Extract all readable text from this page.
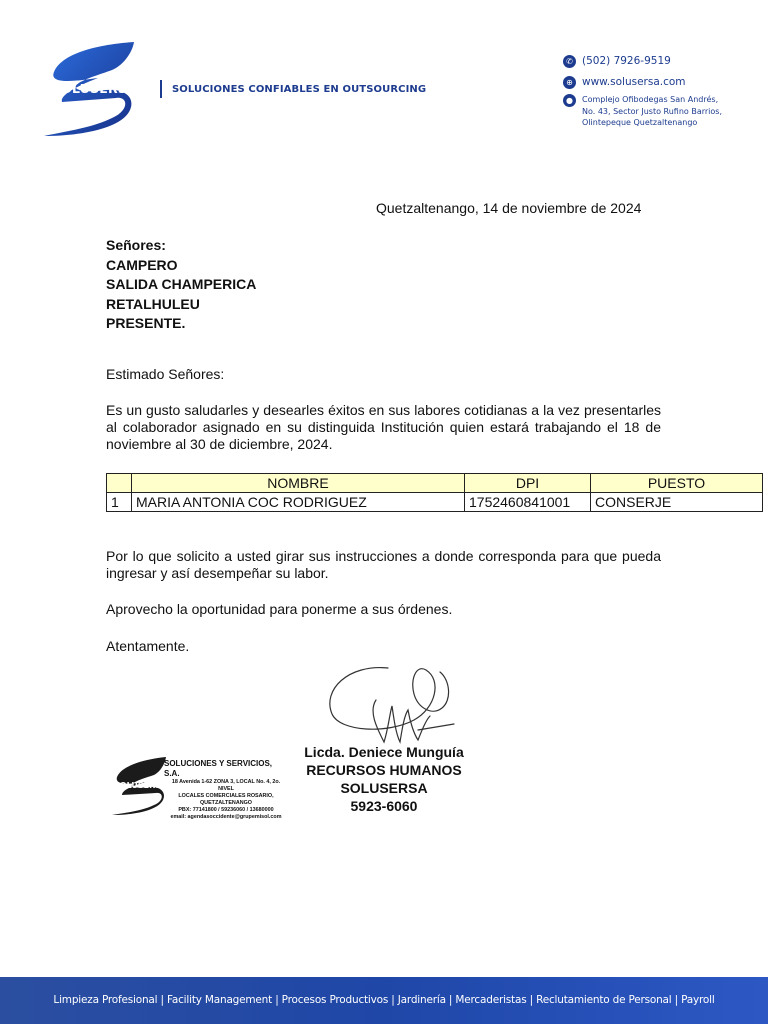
SOLUSERSA	SOLUCIONES CONFIABLES EN OUTSOURCING
✆ (502) 7926-9519
⊕ www.solusersa.com
●	Complejo Ofibodegas San Andrés,
No. 43, Sector Justo Rufino Barrios,
Olintepeque Quetzaltenango
Quetzaltenango, 14 de noviembre de 2024
Señores:
CAMPERO
SALIDA CHAMPERICA
RETALHULEU
PRESENTE.
Estimado Señores:
Es un gusto saludarles y desearles éxitos en sus labores cotidianas a la vez presentarles al colaborador asignado en su distinguida Institución quien estará trabajando el 18 de noviembre al 30 de diciembre, 2024.
	NOMBRE	DPI	PUESTO
1	MARIA ANTONIA COC RODRIGUEZ	1752460841001	CONSERJE
Por lo que solicito a usted girar sus instrucciones a donde corresponda para que pueda ingresar y así desempeñar su labor.
Aprovecho la oportunidad para ponerme a sus órdenes.
Atentamente.
Licda. Deniece Munguía
RECURSOS HUMANOS
SOLUSERSA
5923-6060
SOLUSERSA
SOLUCIONES Y SERVICIOS, S.A.
18 Avenida 1-62 ZONA 3, LOCAL No. 4, 2o. NIVEL
LOCALES COMERCIALES ROSARIO,
QUETZALTENANGO
PBX: 77141800 / 59236060 / 13680000
email: agendasoccidente@grupemisol.com
Limpieza Profesional | Facility Management | Procesos Productivos | Jardinería | Mercaderistas | Reclutamiento de Personal | Payroll
